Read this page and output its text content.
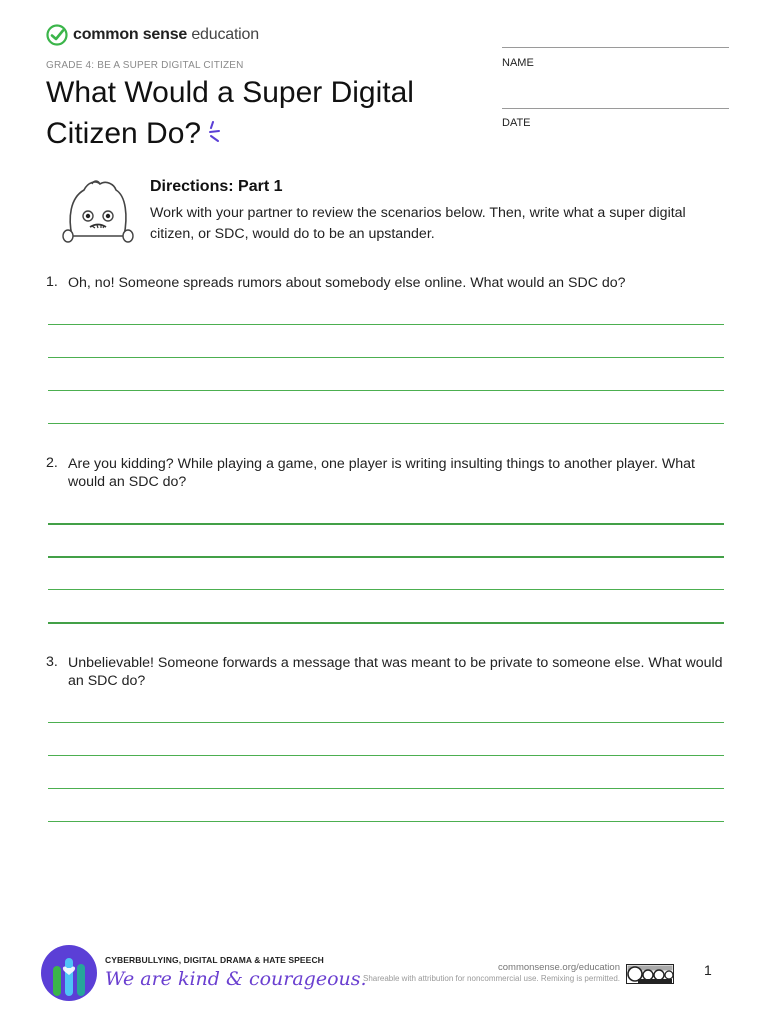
common sense education
GRADE 4: BE A SUPER DIGITAL CITIZEN
What Would a Super Digital Citizen Do?
NAME
DATE
Directions: Part 1
Work with your partner to review the scenarios below. Then, write what a super digital citizen, or SDC, would do to be an upstander.
1. Oh, no! Someone spreads rumors about somebody else online. What would an SDC do?
2. Are you kidding? While playing a game, one player is writing insulting things to another player. What would an SDC do?
3. Unbelievable! Someone forwards a message that was meant to be private to someone else. What would an SDC do?
CYBERBULLYING, DIGITAL DRAMA & HATE SPEECH
We are kind & courageous.
commonsense.org/education
Shareable with attribution for noncommercial use. Remixing is permitted.
1
